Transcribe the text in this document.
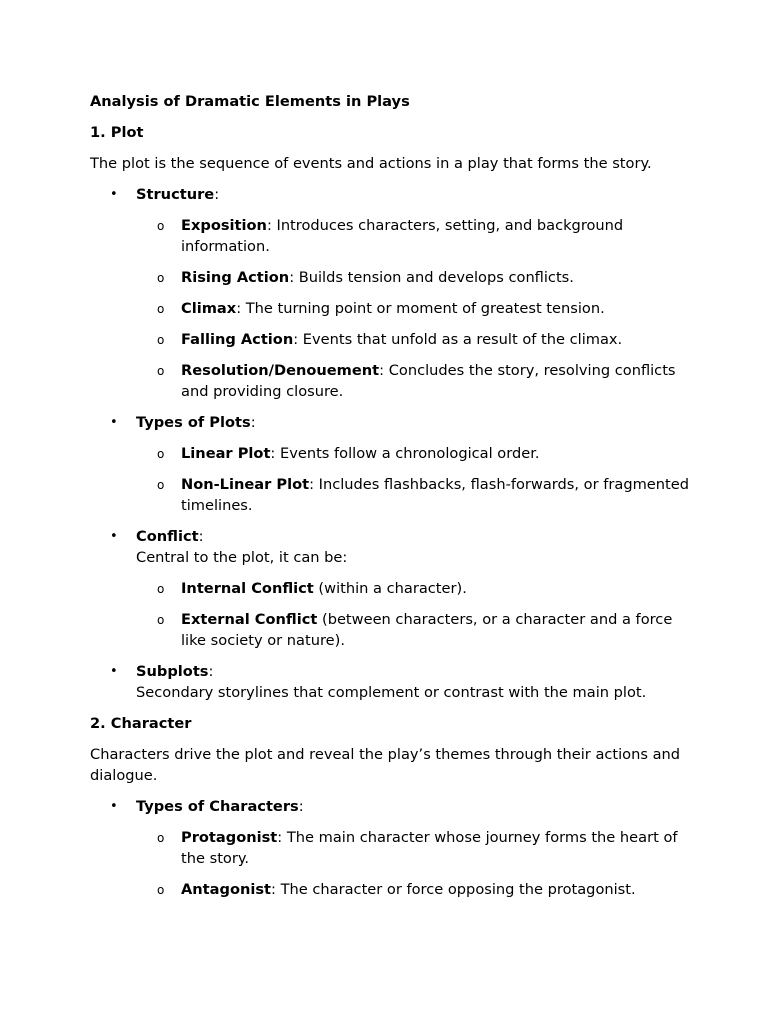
Analysis of Dramatic Elements in Plays

1. Plot

The plot is the sequence of events and actions in a play that forms the story.

• Structure:
o Exposition: Introduces characters, setting, and background information.
o Rising Action: Builds tension and develops conflicts.
o Climax: The turning point or moment of greatest tension.
o Falling Action: Events that unfold as a result of the climax.
o Resolution/Denouement: Concludes the story, resolving conflicts and providing closure.
• Types of Plots:
o Linear Plot: Events follow a chronological order.
o Non-Linear Plot: Includes flashbacks, flash-forwards, or fragmented timelines.
• Conflict:
Central to the plot, it can be:
o Internal Conflict (within a character).
o External Conflict (between characters, or a character and a force like society or nature).
• Subplots:
Secondary storylines that complement or contrast with the main plot.

2. Character

Characters drive the plot and reveal the play’s themes through their actions and dialogue.

• Types of Characters:
o Protagonist: The main character whose journey forms the heart of the story.
o Antagonist: The character or force opposing the protagonist.
